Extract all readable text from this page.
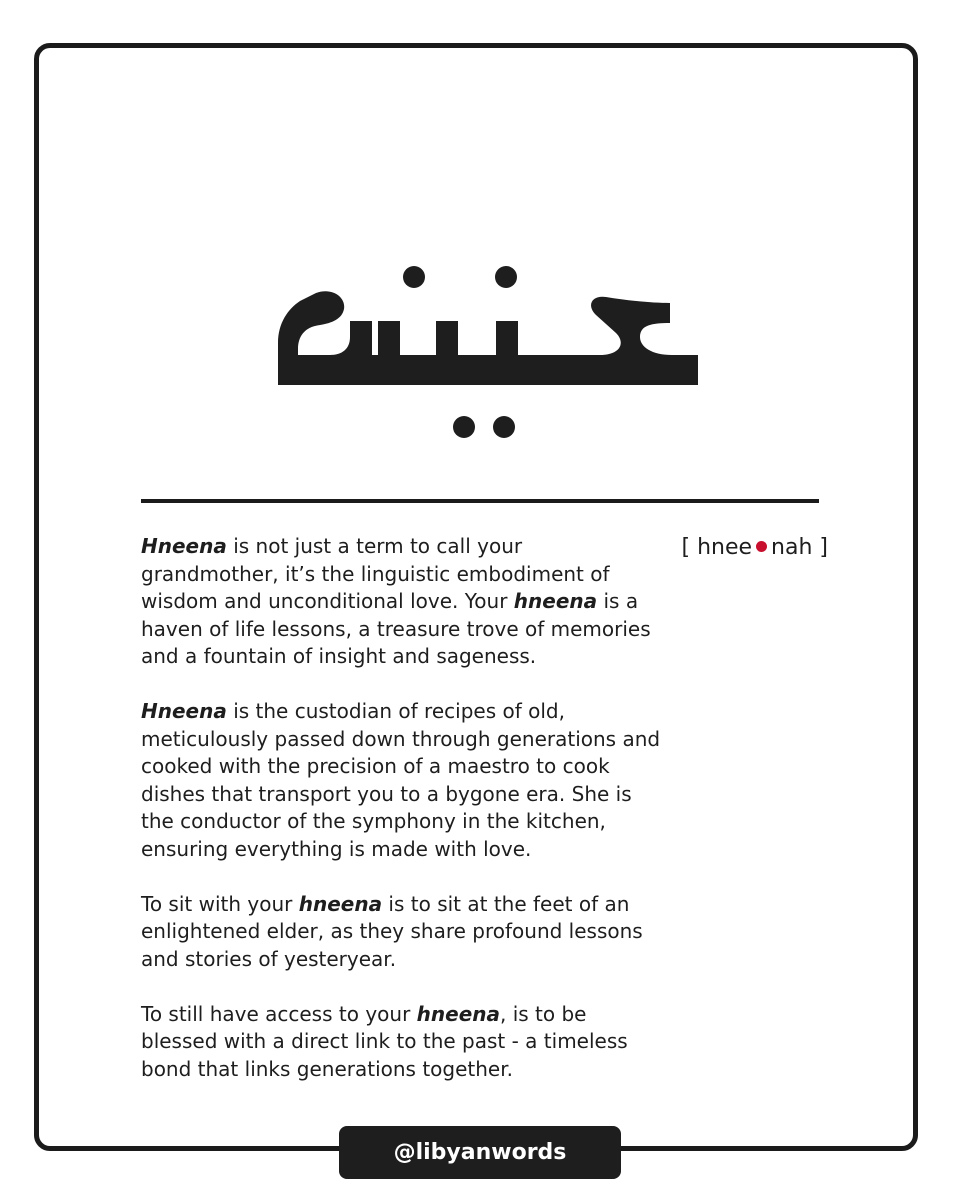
[ hnee nah ]

Hneena is not just a term to call your grandmother, it’s the linguistic embodiment of wisdom and unconditional love. Your hneena is a haven of life lessons, a treasure trove of memories and a fountain of insight and sageness.

Hneena is the custodian of recipes of old, meticulously passed down through generations and cooked with the precision of a maestro to cook dishes that transport you to a bygone era. She is the conductor of the symphony in the kitchen, ensuring everything is made with love.

To sit with your hneena is to sit at the feet of an enlightened elder, as they share profound lessons and stories of yesteryear.

To still have access to your hneena, is to be blessed with a direct link to the past - a timeless bond that links generations together.

@libyanwords
